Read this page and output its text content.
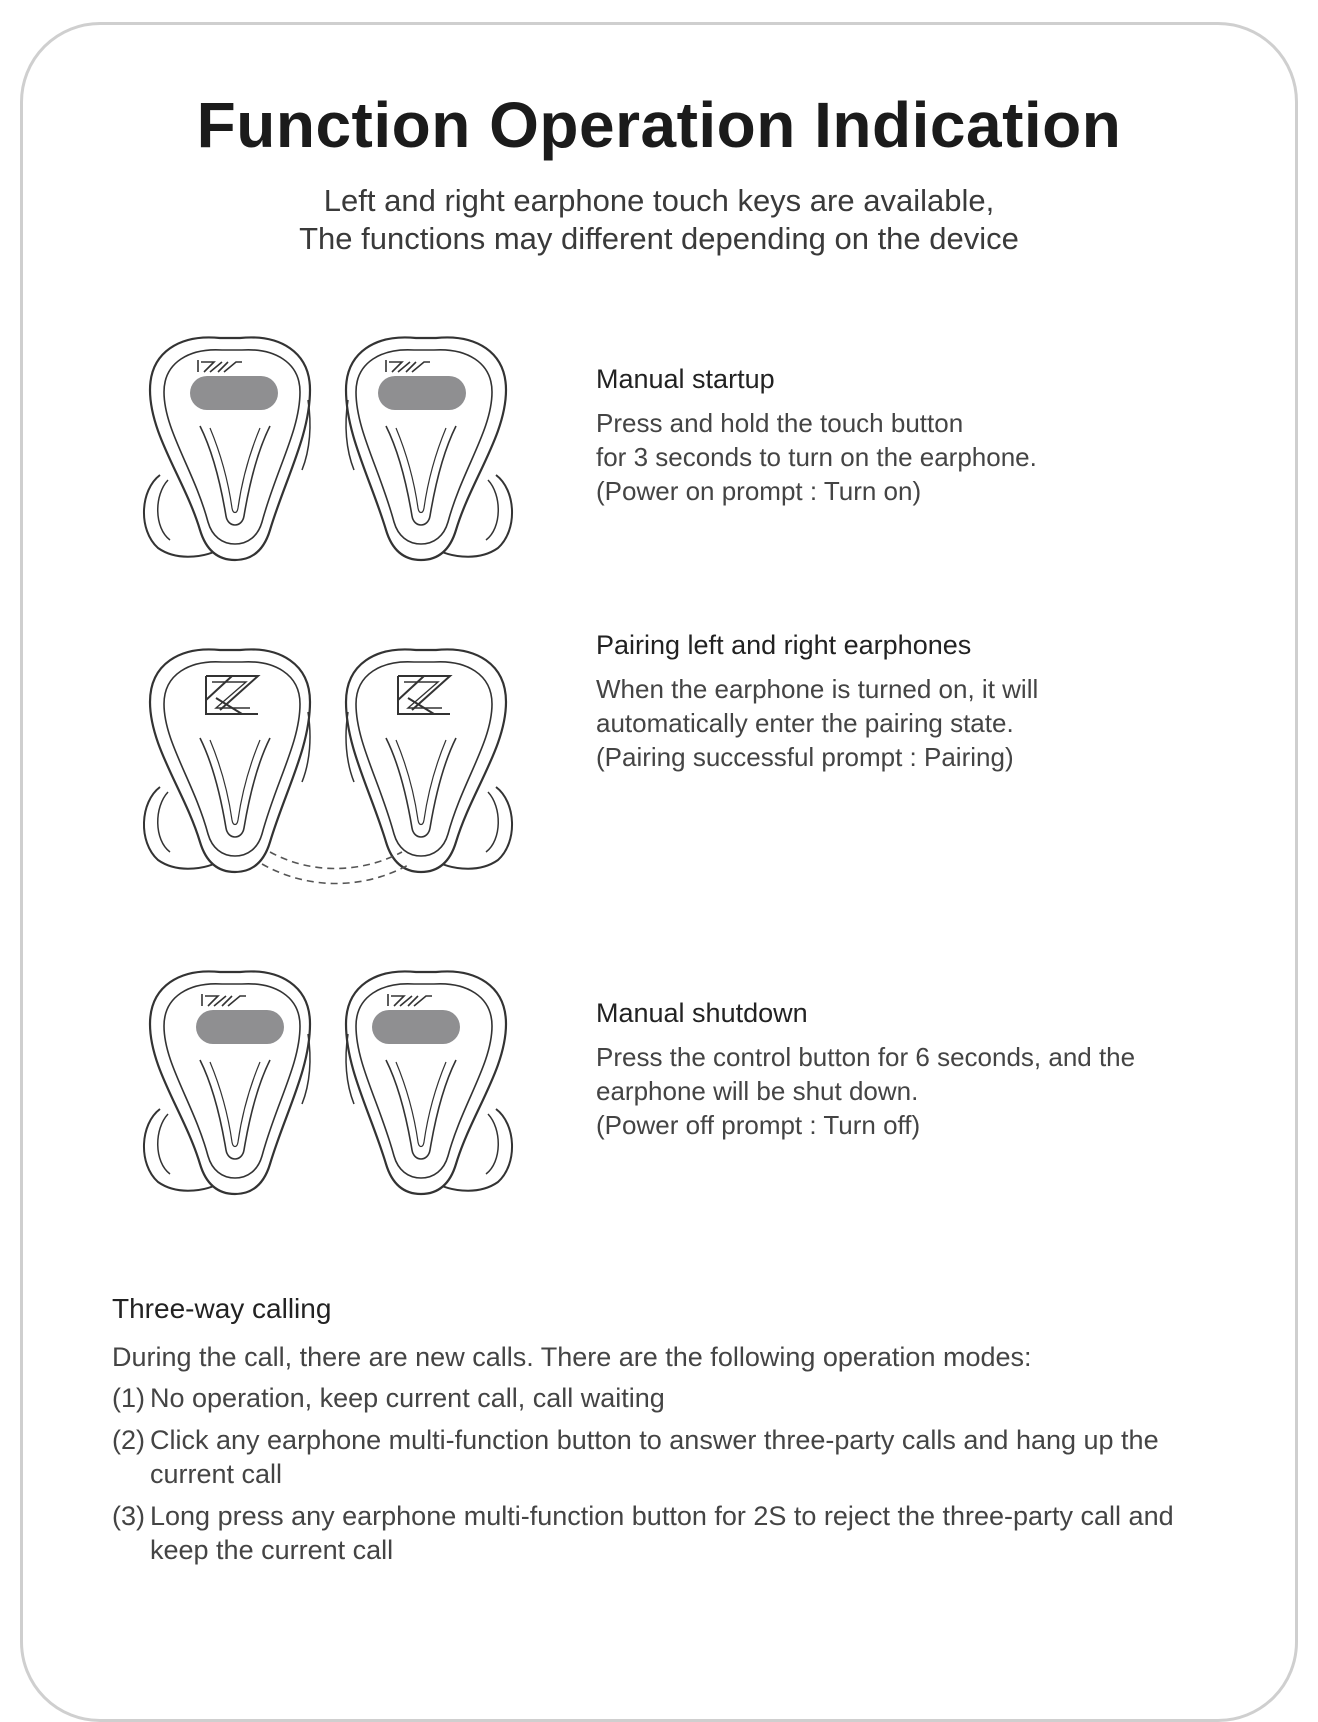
Function Operation Indication
Left and right earphone touch keys are available,
The functions may different depending on the device
Manual startup
Press and hold the touch button
for 3 seconds to turn on the earphone.
(Power on prompt : Turn on)
Pairing left and right earphones
When the earphone is turned on, it will
automatically enter the pairing state.
(Pairing successful prompt : Pairing)
Manual shutdown
Press the control button for 6 seconds, and the
earphone will be shut down.
(Power off prompt : Turn off)
Three-way calling
During the call, there are new calls. There are the following operation modes:
(1) No operation, keep current call, call waiting
(2) Click any earphone multi-function button to answer three-party calls and hang up the current call
(3) Long press any earphone multi-function button for 2S to reject the three-party call and keep the current call
